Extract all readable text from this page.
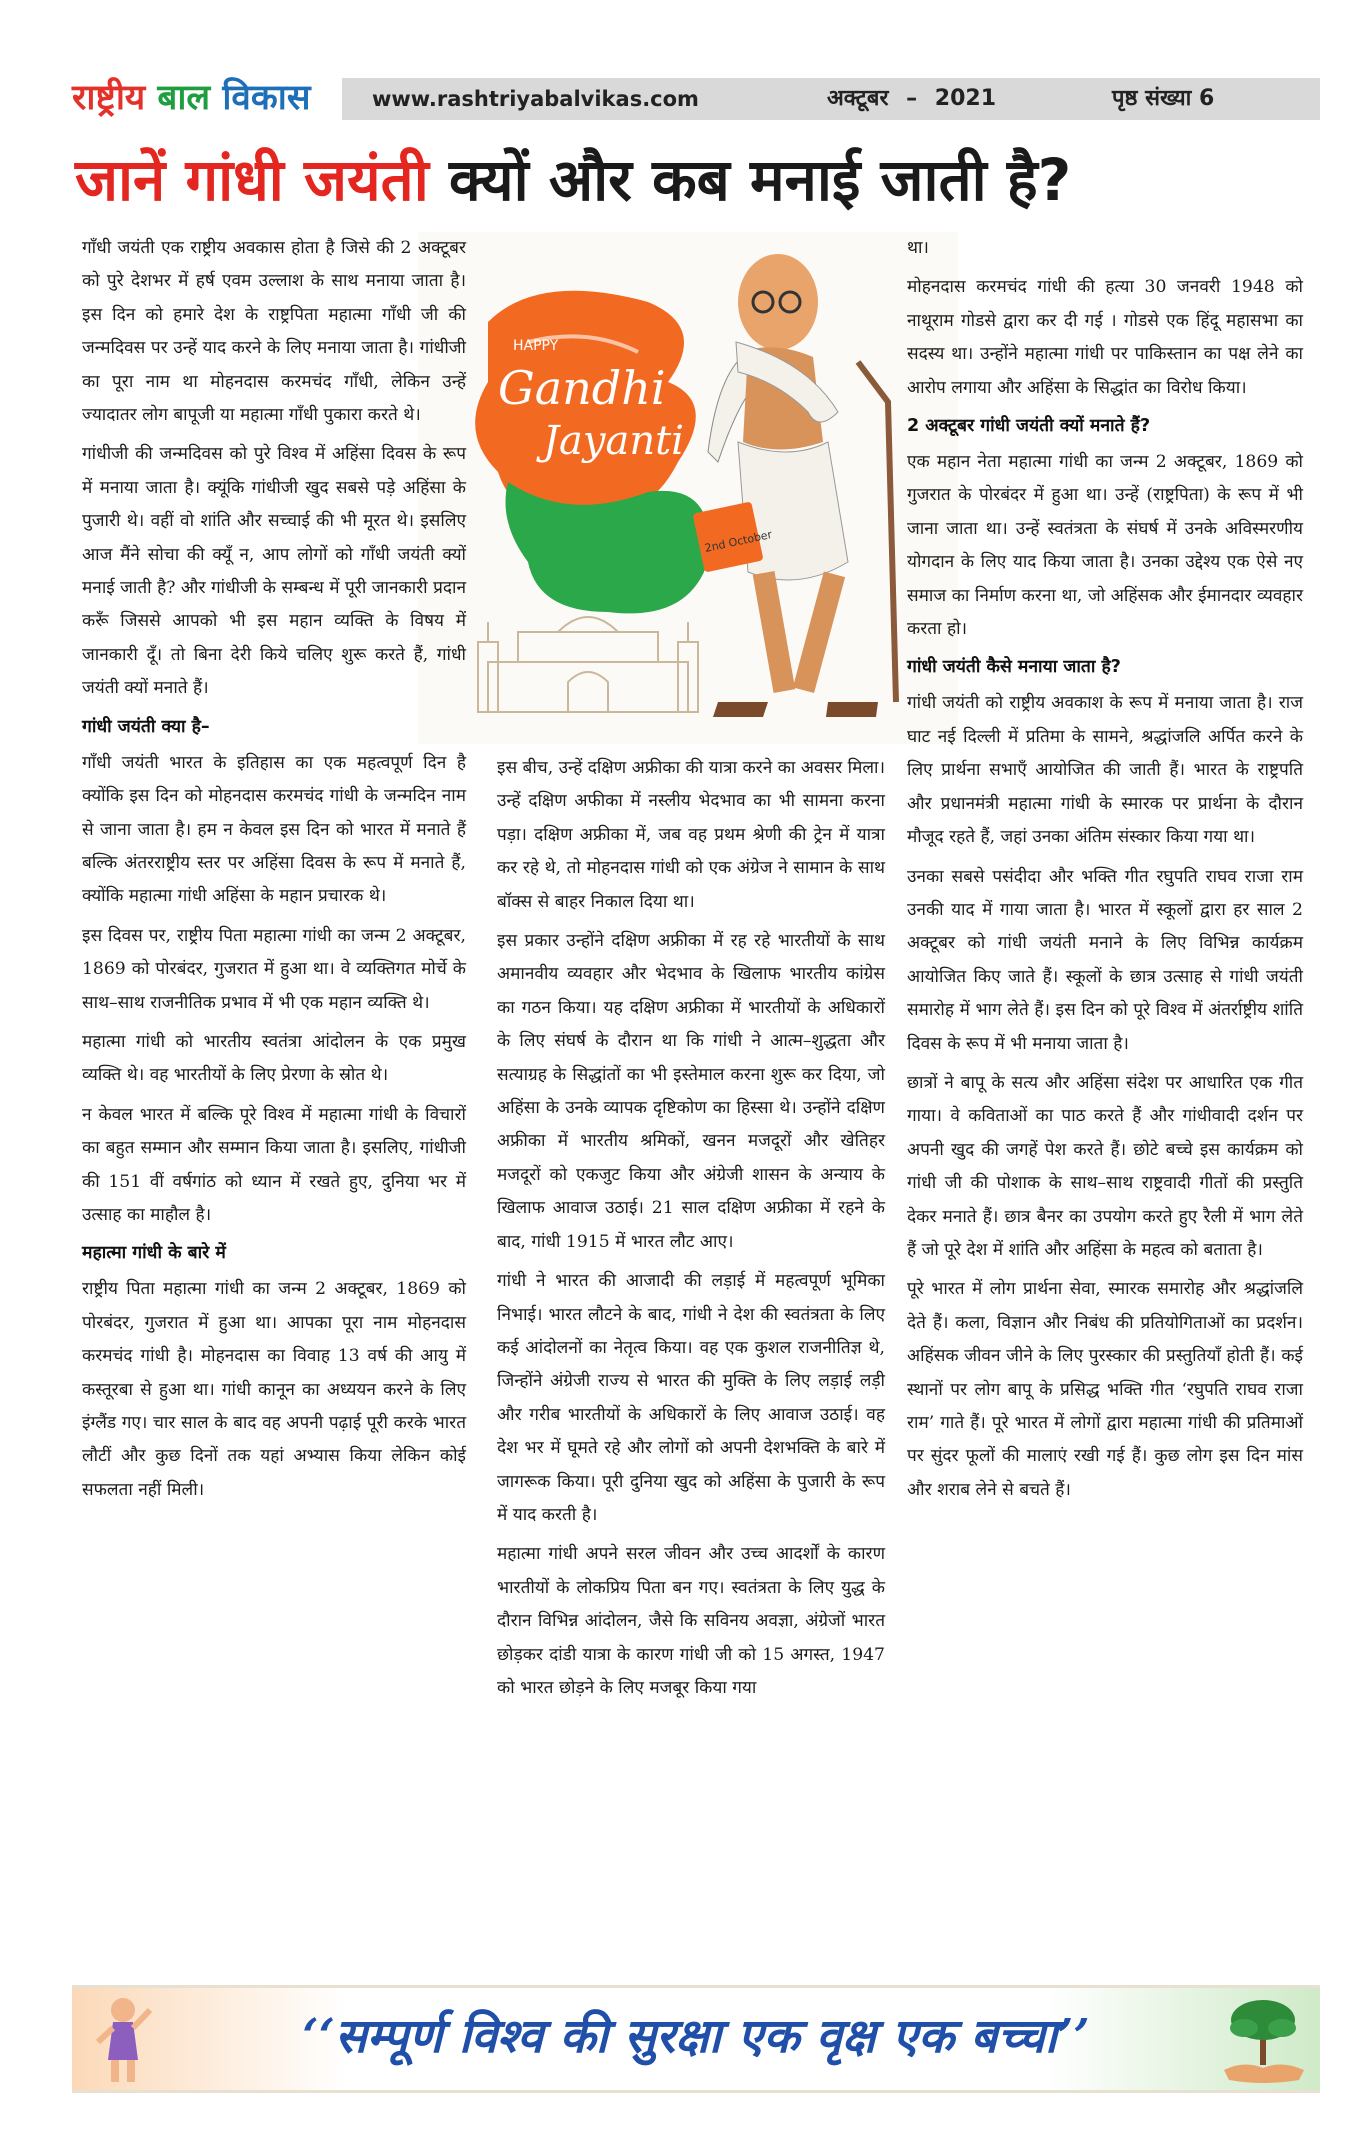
राष्ट्रीय बाल विकास	www.rashtriyabalvikas.com	अक्टूबर – 2021	पृष्ठ संख्या 6
जानें गांधी जयंती क्यों और कब मनाई जाती है?
HAPPY
Gandhi
Jayanti
2nd October

गाँधी जयंती एक राष्ट्रीय अवकास होता है जिसे की 2 अक्टूबर को पुरे देशभर में हर्ष एवम उल्लाश के साथ मनाया जाता है। इस दिन को हमारे देश के राष्ट्रपिता महात्मा गाँधी जी की जन्मदिवस पर उन्हें याद करने के लिए मनाया जाता है। गांधीजी का पूरा नाम था मोहनदास करमचंद गाँधी, लेकिन उन्हें ज्यादातर लोग बापूजी या महात्मा गाँधी पुकारा करते थे।

गांधीजी की जन्मदिवस को पुरे विश्व में अहिंसा दिवस के रूप में मनाया जाता है। क्यूंकि गांधीजी खुद सबसे पड़े अहिंसा के पुजारी थे। वहीं वो शांति और सच्चाई की भी मूरत थे। इसलिए आज मैंने सोचा की क्यूँ न, आप लोगों को गाँधी जयंती क्यों मनाई जाती है? और गांधीजी के सम्बन्ध में पूरी जानकारी प्रदान करूँ जिससे आपको भी इस महान व्यक्ति के विषय में जानकारी दूँ। तो बिना देरी किये चलिए शुरू करते हैं, गांधी जयंती क्यों मनाते हैं।

गांधी जयंती क्या है–

गाँधी जयंती भारत के इतिहास का एक महत्वपूर्ण दिन है क्योंकि इस दिन को मोहनदास करमचंद गांधी के जन्मदिन नाम से जाना जाता है। हम न केवल इस दिन को भारत में मनाते हैं बल्कि अंतरराष्ट्रीय स्तर पर अहिंसा दिवस के रूप में मनाते हैं, क्योंकि महात्मा गांधी अहिंसा के महान प्रचारक थे।

इस दिवस पर, राष्ट्रीय पिता महात्मा गांधी का जन्म 2 अक्टूबर, 1869 को पोरबंदर, गुजरात में हुआ था। वे व्यक्तिगत मोर्चे के साथ–साथ राजनीतिक प्रभाव में भी एक महान व्यक्ति थे।

महात्मा गांधी को भारतीय स्वतंत्रा आंदोलन के एक प्रमुख व्यक्ति थे। वह भारतीयों के लिए प्रेरणा के स्रोत थे।

न केवल भारत में बल्कि पूरे विश्व में महात्मा गांधी के विचारों का बहुत सम्मान और सम्मान किया जाता है। इसलिए, गांधीजी की 151 वीं वर्षगांठ को ध्यान में रखते हुए, दुनिया भर में उत्साह का माहौल है।

महात्मा गांधी के बारे में

राष्ट्रीय पिता महात्मा गांधी का जन्म 2 अक्टूबर, 1869 को पोरबंदर, गुजरात में हुआ था। आपका पूरा नाम मोहनदास करमचंद गांधी है। मोहनदास का विवाह 13 वर्ष की आयु में कस्तूरबा से हुआ था। गांधी कानून का अध्ययन करने के लिए इंग्लैंड गए। चार साल के बाद वह अपनी पढ़ाई पूरी करके भारत लौटीं और कुछ दिनों तक यहां अभ्यास किया लेकिन कोई सफलता नहीं मिली।

इस बीच, उन्हें दक्षिण अफ्रीका की यात्रा करने का अवसर मिला। उन्हें दक्षिण अफीका में नस्लीय भेदभाव का भी सामना करना पड़ा। दक्षिण अफ्रीका में, जब वह प्रथम श्रेणी की ट्रेन में यात्रा कर रहे थे, तो मोहनदास गांधी को एक अंग्रेज ने सामान के साथ बॉक्स से बाहर निकाल दिया था।

इस प्रकार उन्होंने दक्षिण अफ्रीका में रह रहे भारतीयों के साथ अमानवीय व्यवहार और भेदभाव के खिलाफ भारतीय कांग्रेस का गठन किया। यह दक्षिण अफ्रीका में भारतीयों के अधिकारों के लिए संघर्ष के दौरान था कि गांधी ने आत्म–शुद्धता और सत्याग्रह के सिद्धांतों का भी इस्तेमाल करना शुरू कर दिया, जो अहिंसा के उनके व्यापक दृष्टिकोण का हिस्सा थे। उन्होंने दक्षिण अफ्रीका में भारतीय श्रमिकों, खनन मजदूरों और खेतिहर मजदूरों को एकजुट किया और अंग्रेजी शासन के अन्याय के खिलाफ आवाज उठाई। 21 साल दक्षिण अफ्रीका में रहने के बाद, गांधी 1915 में भारत लौट आए।

गांधी ने भारत की आजादी की लड़ाई में महत्वपूर्ण भूमिका निभाई। भारत लौटने के बाद, गांधी ने देश की स्वतंत्रता के लिए कई आंदोलनों का नेतृत्व किया। वह एक कुशल राजनीतिज्ञ थे, जिन्होंने अंग्रेजी राज्य से भारत की मुक्ति के लिए लड़ाई लड़ी और गरीब भारतीयों के अधिकारों के लिए आवाज उठाई। वह देश भर में घूमते रहे और लोगों को अपनी देशभक्ति के बारे में जागरूक किया। पूरी दुनिया खुद को अहिंसा के पुजारी के रूप में याद करती है।

महात्मा गांधी अपने सरल जीवन और उच्च आदर्शों के कारण भारतीयों के लोकप्रिय पिता बन गए। स्वतंत्रता के लिए युद्ध के दौरान विभिन्न आंदोलन, जैसे कि सविनय अवज्ञा, अंग्रेजों भारत छोड़कर दांडी यात्रा के कारण गांधी जी को 15 अगस्त, 1947 को भारत छोड़ने के लिए मजबूर किया गया

था।

मोहनदास करमचंद गांधी की हत्या 30 जनवरी 1948 को नाथूराम गोडसे द्वारा कर दी गई । गोडसे एक हिंदू महासभा का सदस्य था। उन्होंने महात्मा गांधी पर पाकिस्तान का पक्ष लेने का आरोप लगाया और अहिंसा के सिद्धांत का विरोध किया।

2 अक्टूबर गांधी जयंती क्यों मनाते हैं?

एक महान नेता महात्मा गांधी का जन्म 2 अक्टूबर, 1869 को गुजरात के पोरबंदर में हुआ था। उन्हें (राष्ट्रपिता) के रूप में भी जाना जाता था। उन्हें स्वतंत्रता के संघर्ष में उनके अविस्मरणीय योगदान के लिए याद किया जाता है। उनका उद्देश्य एक ऐसे नए समाज का निर्माण करना था, जो अहिंसक और ईमानदार व्यवहार करता हो।

गांधी जयंती कैसे मनाया जाता है?

गांधी जयंती को राष्ट्रीय अवकाश के रूप में मनाया जाता है। राज घाट नई दिल्ली में प्रतिमा के सामने, श्रद्धांजलि अर्पित करने के लिए प्रार्थना सभाएँ आयोजित की जाती हैं। भारत के राष्ट्रपति और प्रधानमंत्री महात्मा गांधी के स्मारक पर प्रार्थना के दौरान मौजूद रहते हैं, जहां उनका अंतिम संस्कार किया गया था।

उनका सबसे पसंदीदा और भक्ति गीत रघुपति राघव राजा राम उनकी याद में गाया जाता है। भारत में स्कूलों द्वारा हर साल 2 अक्टूबर को गांधी जयंती मनाने के लिए विभिन्न कार्यक्रम आयोजित किए जाते हैं। स्कूलों के छात्र उत्साह से गांधी जयंती समारोह में भाग लेते हैं। इस दिन को पूरे विश्व में अंतर्राष्ट्रीय शांति दिवस के रूप में भी मनाया जाता है।

छात्रों ने बापू के सत्य और अहिंसा संदेश पर आधारित एक गीत गाया। वे कविताओं का पाठ करते हैं और गांधीवादी दर्शन पर अपनी खुद की जगहें पेश करते हैं। छोटे बच्चे इस कार्यक्रम को गांधी जी की पोशाक के साथ–साथ राष्ट्रवादी गीतों की प्रस्तुति देकर मनाते हैं। छात्र बैनर का उपयोग करते हुए रैली में भाग लेते हैं जो पूरे देश में शांति और अहिंसा के महत्व को बताता है।

पूरे भारत में लोग प्रार्थना सेवा, स्मारक समारोह और श्रद्धांजलि देते हैं। कला, विज्ञान और निबंध की प्रतियोगिताओं का प्रदर्शन। अहिंसक जीवन जीने के लिए पुरस्कार की प्रस्तुतियाँ होती हैं। कई स्थानों पर लोग बापू के प्रसिद्ध भक्ति गीत ‘रघुपति राघव राजा राम’ गाते हैं। पूरे भारत में लोगों द्वारा महात्मा गांधी की प्रतिमाओं पर सुंदर फूलों की मालाएं रखी गई हैं। कुछ लोग इस दिन मांस और शराब लेने से बचते हैं।

‘‘सम्पूर्ण विश्व की सुरक्षा एक वृक्ष एक बच्चा’’
